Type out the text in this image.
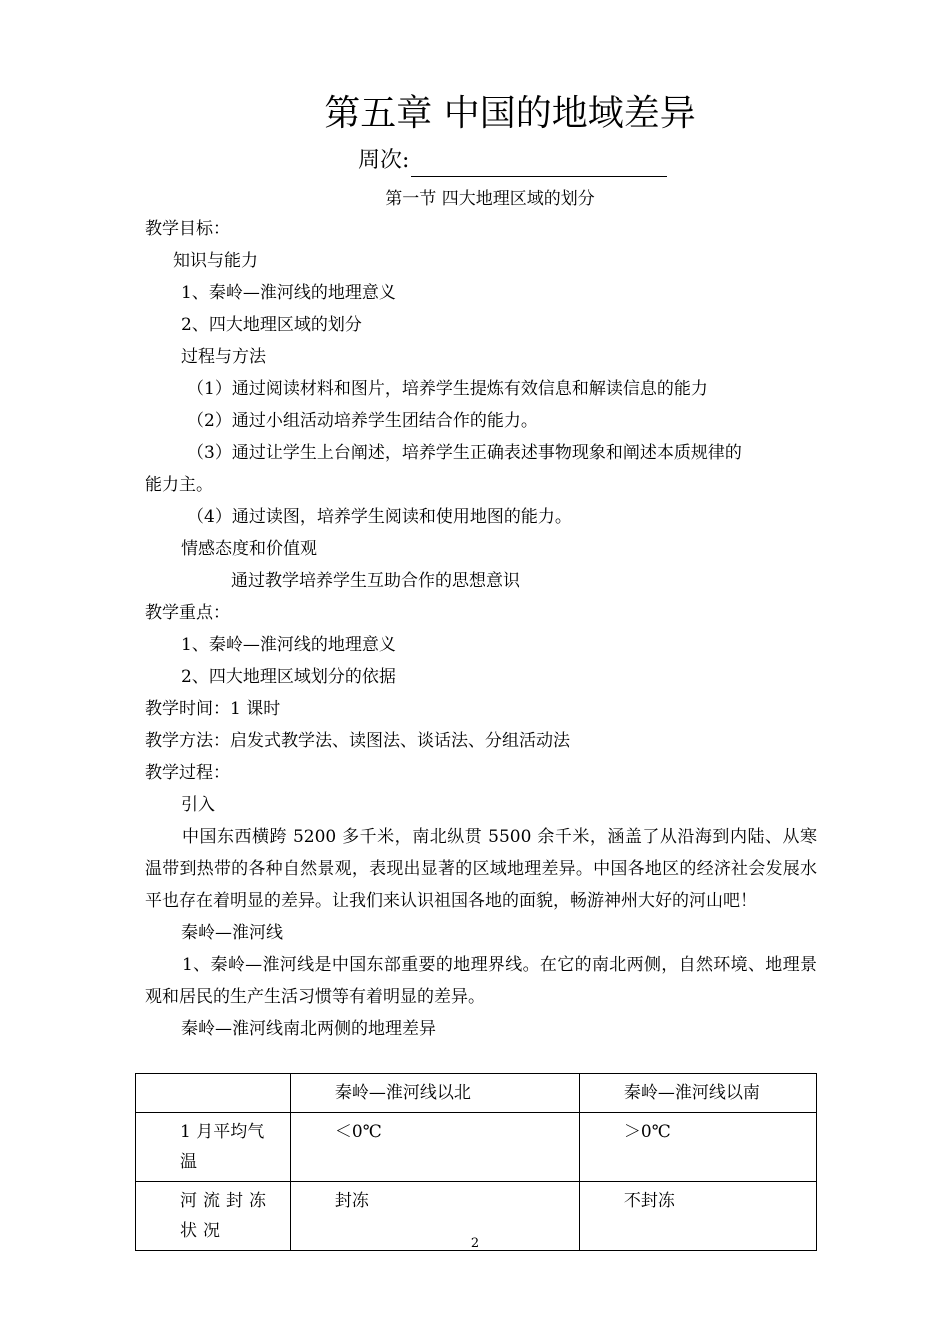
第五章 中国的地域差异
周次:
第一节 四大地理区域的划分

教学目标：

知识与能力

1、秦岭—淮河线的地理意义

2、四大地理区域的划分

过程与方法

（1）通过阅读材料和图片，培养学生提炼有效信息和解读信息的能力

（2）通过小组活动培养学生团结合作的能力。

（3）通过让学生上台阐述，培养学生正确表述事物现象和阐述本质规律的

能力主。

（4）通过读图，培养学生阅读和使用地图的能力。

情感态度和价值观

通过教学培养学生互助合作的思想意识

教学重点：

1、秦岭—淮河线的地理意义

2、四大地理区域划分的依据

教学时间：1 课时

教学方法：启发式教学法、读图法、谈话法、分组活动法

教学过程：

引入

中国东西横跨 5200 多千米，南北纵贯 5500 余千米，涵盖了从沿海到内陆、从寒温带到热带的各种自然景观，表现出显著的区域地理差异。中国各地区的经济社会发展水平也存在着明显的差异。让我们来认识祖国各地的面貌，畅游神州大好的河山吧！

秦岭—淮河线

1、秦岭—淮河线是中国东部重要的地理界线。在它的南北两侧，自然环境、地理景观和居民的生产生活习惯等有着明显的差异。

秦岭—淮河线南北两侧的地理差异

	秦岭—淮河线以北	秦岭—淮河线以南
1 月平均气温	＜0℃	＞0℃
河流封冻状况	封冻	不封冻
2
